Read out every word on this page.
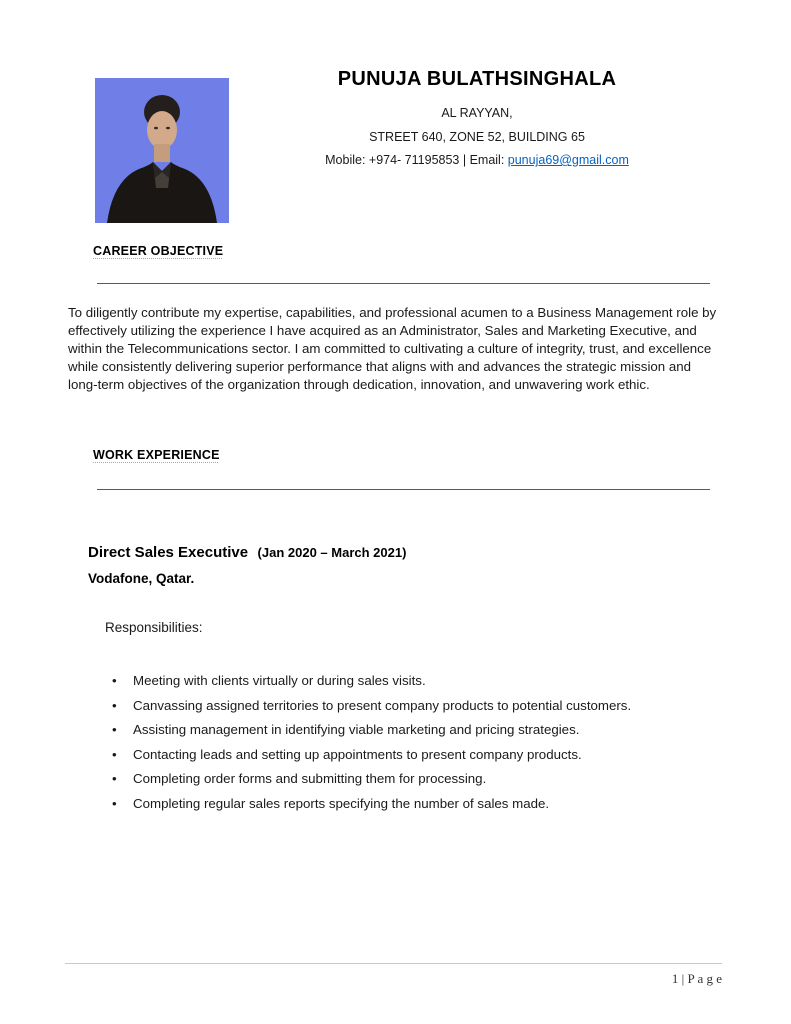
PUNUJA BULATHSINGHALA
AL RAYYAN,
STREET 640, ZONE 52, BUILDING 65
Mobile: +974- 71195853 | Email: punuja69@gmail.com
CAREER OBJECTIVE

To diligently contribute my expertise, capabilities, and professional acumen to a Business Management role by effectively utilizing the experience I have acquired as an Administrator, Sales and Marketing Executive, and within the Telecommunications sector. I am committed to cultivating a culture of integrity, trust, and excellence while consistently delivering superior performance that aligns with and advances the strategic mission and long-term objectives of the organization through dedication, innovation, and unwavering work ethic.

WORK EXPERIENCE
Direct Sales Executive (Jan 2020 – March 2021)
Vodafone, Qatar.
Responsibilities:
• Meeting with clients virtually or during sales visits.
• Canvassing assigned territories to present company products to potential customers.
• Assisting management in identifying viable marketing and pricing strategies.
• Contacting leads and setting up appointments to present company products.
• Completing order forms and submitting them for processing.
• Completing regular sales reports specifying the number of sales made.
1 | P a g e
